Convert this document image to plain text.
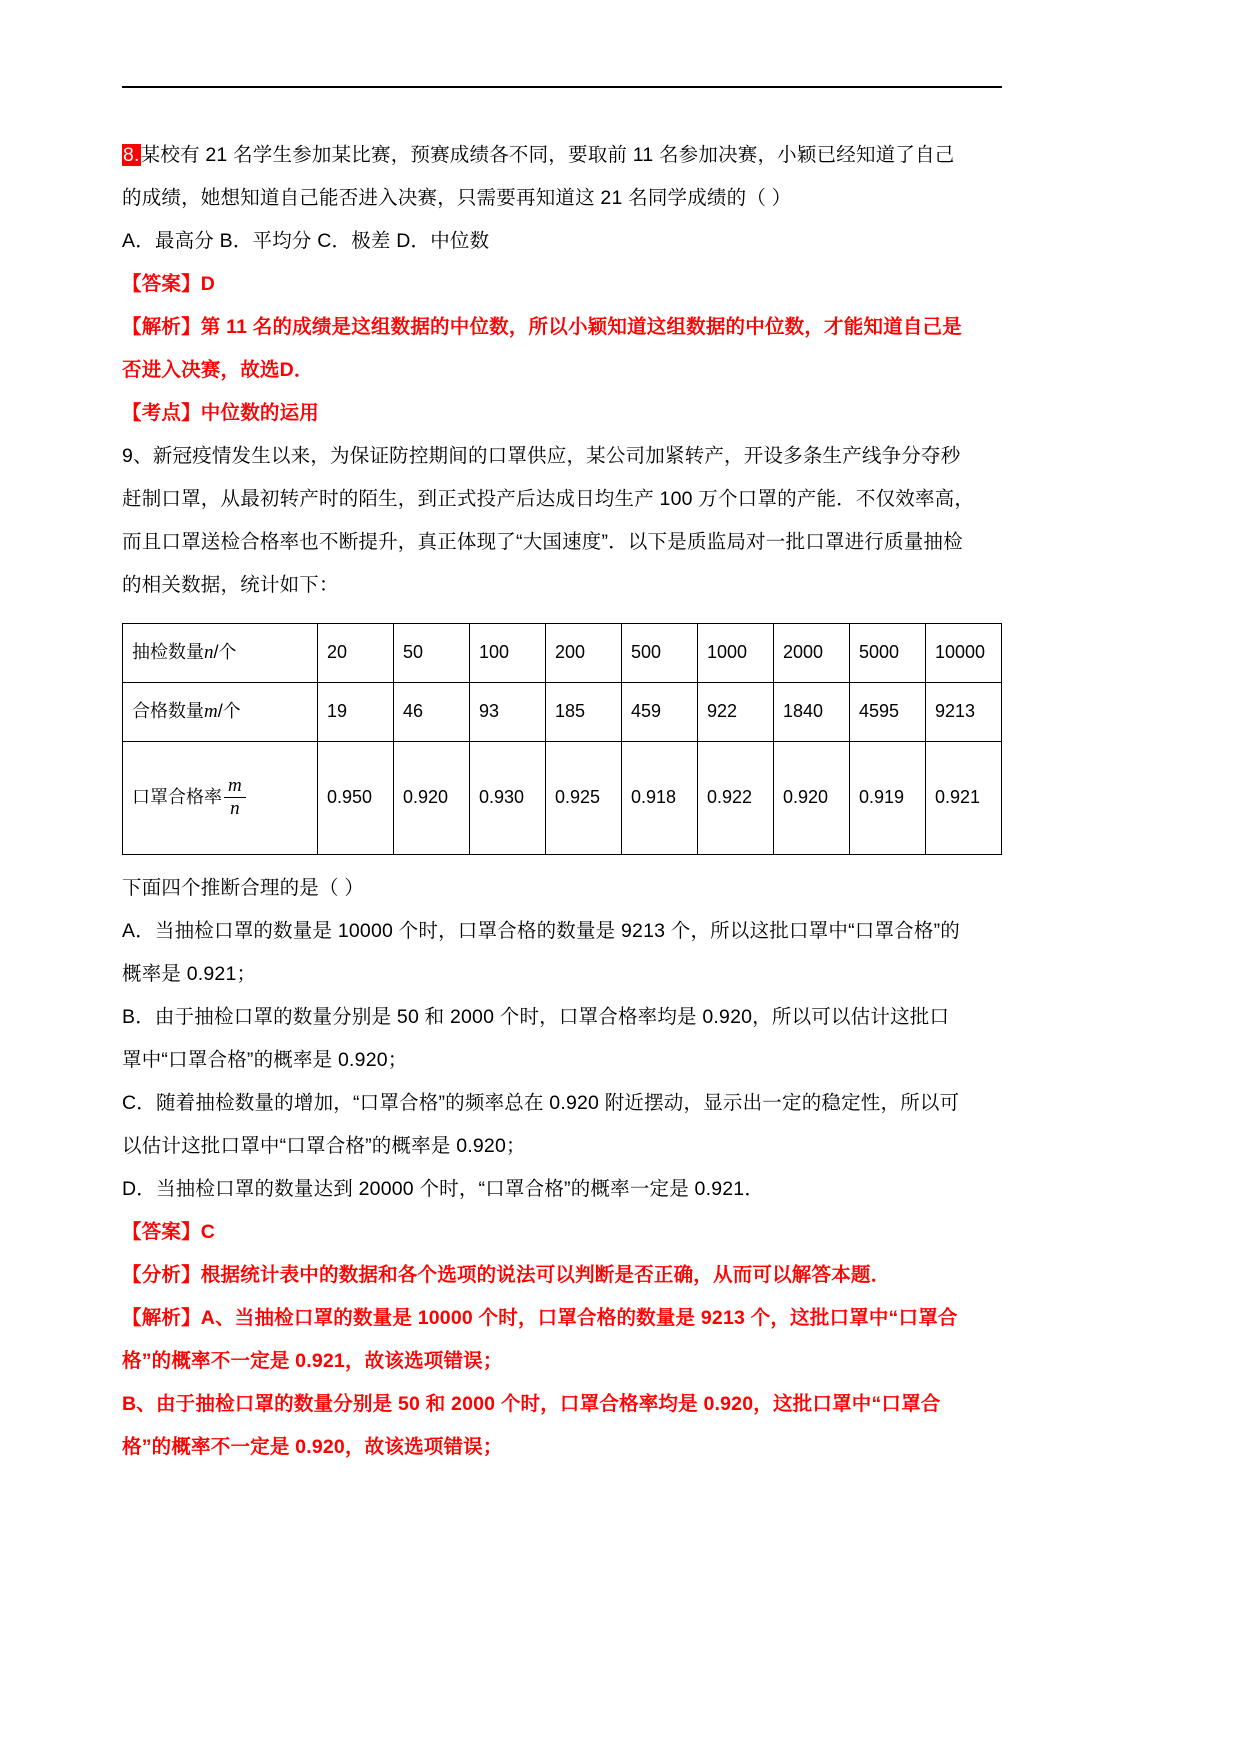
8.某校有 21 名学生参加某比赛，预赛成绩各不同，要取前 11 名参加决赛，小颖已经知道了自己

的成绩，她想知道自己能否进入决赛，只需要再知道这 21 名同学成绩的（ ）

A．最高分 B．平均分 C．极差 D．中位数

【答案】D

【解析】第 11 名的成绩是这组数据的中位数，所以小颖知道这组数据的中位数，才能知道自己是

否进入决赛，故选D．

【考点】中位数的运用

9、新冠疫情发生以来，为保证防控期间的口罩供应，某公司加紧转产，开设多条生产线争分夺秒

赶制口罩，从最初转产时的陌生，到正式投产后达成日均生产 100 万个口罩的产能．不仅效率高，

而且口罩送检合格率也不断提升，真正体现了“大国速度”．以下是质监局对一批口罩进行质量抽检

的相关数据，统计如下：

抽检数量n/个	20	50	100	200	500	1000	2000	5000	10000
合格数量m/个	19	46	93	185	459	922	1840	4595	9213

口罩合格率 $\frac{m}{n}$	0.950	0.920	0.930	0.925	0.918	0.922	0.920	0.919	0.921

下面四个推断合理的是（ ）

A．当抽检口罩的数量是 10000 个时，口罩合格的数量是 9213 个，所以这批口罩中“口罩合格”的

概率是 0.921；

B．由于抽检口罩的数量分别是 50 和 2000 个时，口罩合格率均是 0.920，所以可以估计这批口

罩中“口罩合格”的概率是 0.920；

C．随着抽检数量的增加，“口罩合格”的频率总在 0.920 附近摆动，显示出一定的稳定性，所以可

以估计这批口罩中“口罩合格”的概率是 0.920；

D．当抽检口罩的数量达到 20000 个时，“口罩合格”的概率一定是 0.921．

【答案】C

【分析】根据统计表中的数据和各个选项的说法可以判断是否正确，从而可以解答本题．

【解析】A、当抽检口罩的数量是 10000 个时，口罩合格的数量是 9213 个，这批口罩中“口罩合

格”的概率不一定是 0.921，故该选项错误；

B、由于抽检口罩的数量分别是 50 和 2000 个时，口罩合格率均是 0.920，这批口罩中“口罩合

格”的概率不一定是 0.920，故该选项错误；
